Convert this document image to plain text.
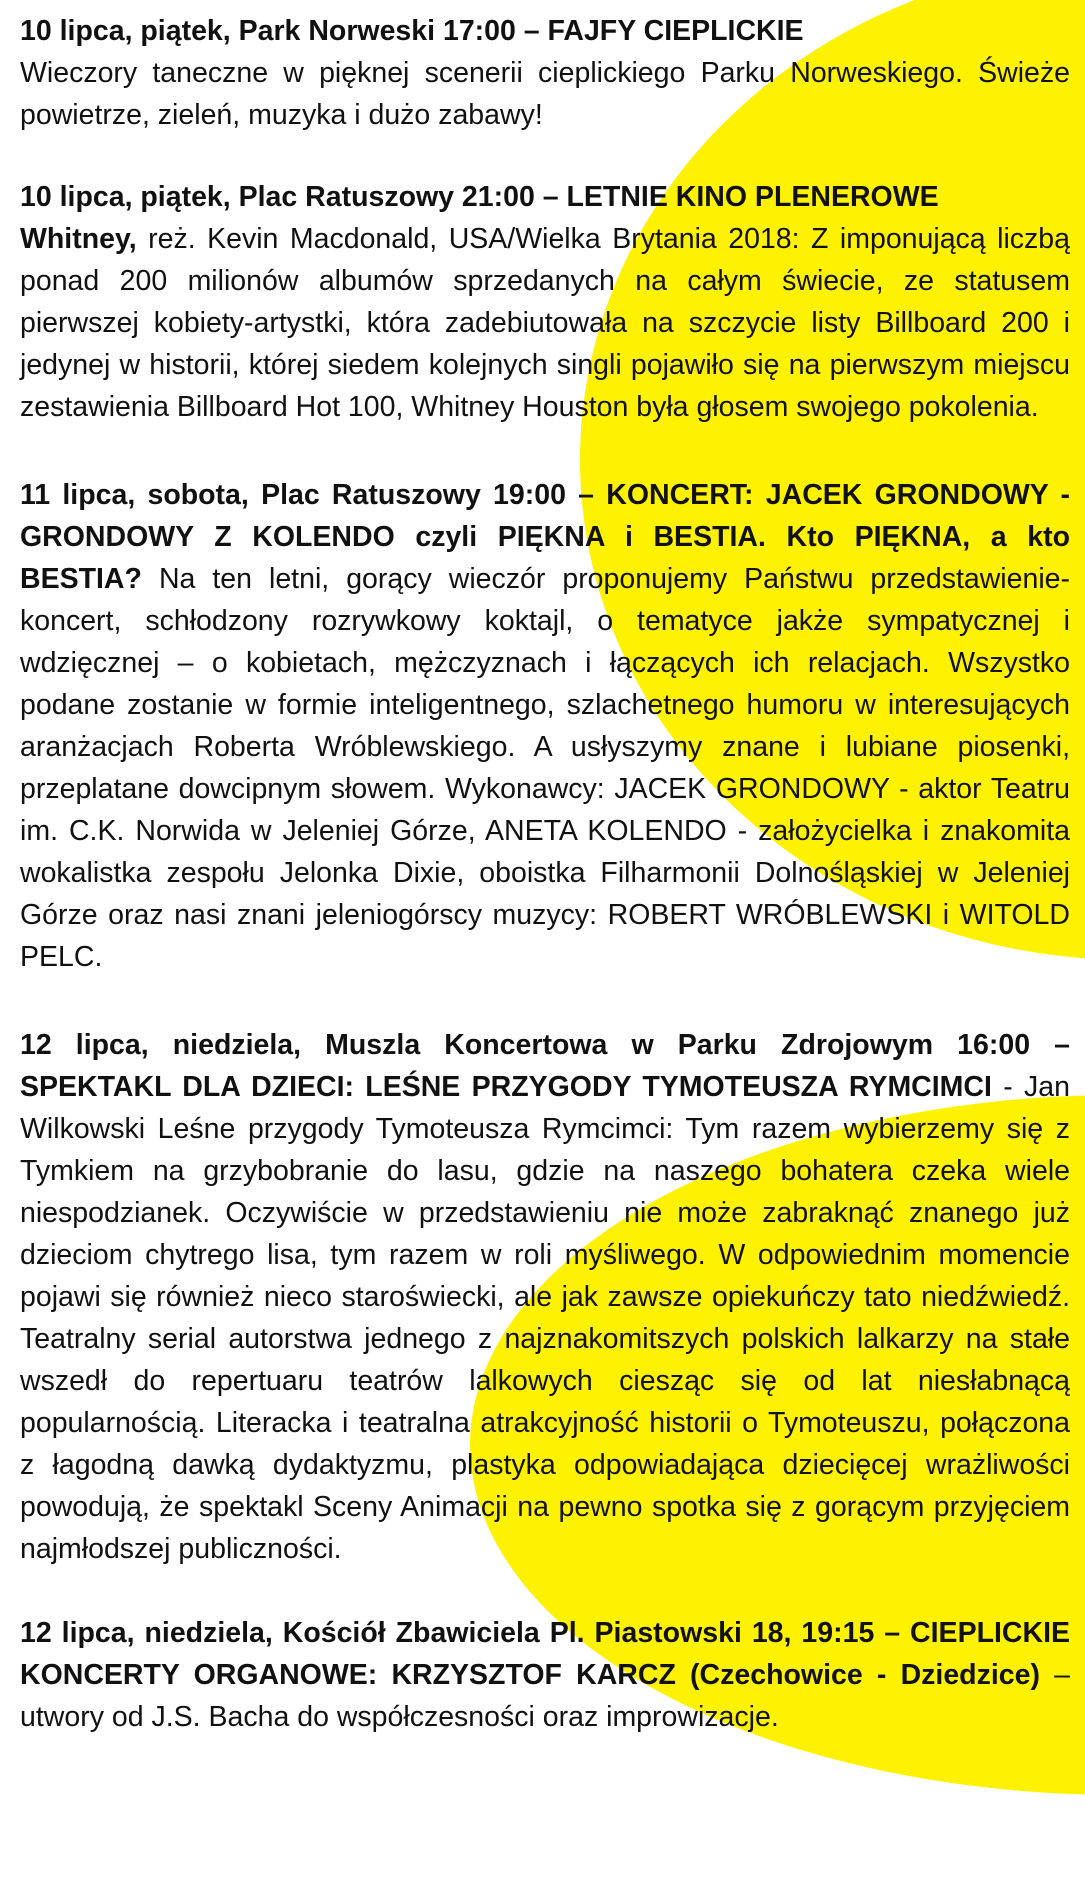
10 lipca, piątek, Park Norweski 17:00 – FAJFY CIEPLICKIE
Wieczory taneczne w pięknej scenerii cieplickiego Parku Norweskiego. Świeże powietrze, zieleń, muzyka i dużo zabawy!

10 lipca, piątek, Plac Ratuszowy 21:00 – LETNIE KINO PLENEROWE
Whitney, reż. Kevin Macdonald, USA/Wielka Brytania 2018: Z imponującą liczbą ponad 200 milionów albumów sprzedanych na całym świecie, ze statusem pierwszej kobiety-artystki, która zadebiutowała na szczycie listy Billboard 200 i jedynej w historii, której siedem kolejnych singli pojawiło się na pierwszym miejscu zestawienia Billboard Hot 100, Whitney Houston była głosem swojego pokolenia.

11 lipca, sobota, Plac Ratuszowy 19:00 – KONCERT: JACEK GRONDOWY - GRONDOWY Z KOLENDO czyli PIĘKNA i BESTIA. Kto PIĘKNA, a kto BESTIA? Na ten letni, gorący wieczór proponujemy Państwu przedstawienie-koncert, schłodzony rozrywkowy koktajl, o tematyce jakże sympatycznej i wdzięcznej – o kobietach, mężczyznach i łączących ich relacjach. Wszystko podane zostanie w formie inteligentnego, szlachetnego humoru w interesujących aranżacjach Roberta Wróblewskiego. A usłyszymy znane i lubiane piosenki, przeplatane dowcipnym słowem. Wykonawcy: JACEK GRONDOWY - aktor Teatru im. C.K. Norwida w Jeleniej Górze, ANETA KOLENDO - założycielka i znakomita wokalistka zespołu Jelonka Dixie, oboistka Filharmonii Dolnośląskiej w Jeleniej Górze oraz nasi znani jeleniogórscy muzycy: ROBERT WRÓBLEWSKI i WITOLD PELC.

12 lipca, niedziela, Muszla Koncertowa w Parku Zdrojowym 16:00 – SPEKTAKL DLA DZIECI: LEŚNE PRZYGODY TYMOTEUSZA RYMCIMCI - Jan Wilkowski Leśne przygody Tymoteusza Rymcimci: Tym razem wybierzemy się z Tymkiem na grzybobranie do lasu, gdzie na naszego bohatera czeka wiele niespodzianek. Oczywiście w przedstawieniu nie może zabraknąć znanego już dzieciom chytrego lisa, tym razem w roli myśliwego. W odpowiednim momencie pojawi się również nieco staroświecki, ale jak zawsze opiekuńczy tato niedźwiedź. Teatralny serial autorstwa jednego z najznakomitszych polskich lalkarzy na stałe wszedł do repertuaru teatrów lalkowych ciesząc się od lat niesłabnącą popularnością. Literacka i teatralna atrakcyjność historii o Tymoteuszu, połączona z łagodną dawką dydaktyzmu, plastyka odpowiadająca dziecięcej wrażliwości powodują, że spektakl Sceny Animacji na pewno spotka się z gorącym przyjęciem najmłodszej publiczności.

12 lipca, niedziela, Kościół Zbawiciela Pl. Piastowski 18, 19:15 – CIEPLICKIE KONCERTY ORGANOWE: KRZYSZTOF KARCZ (Czechowice - Dziedzice) – utwory od J.S. Bacha do współczesności oraz improwizacje.
